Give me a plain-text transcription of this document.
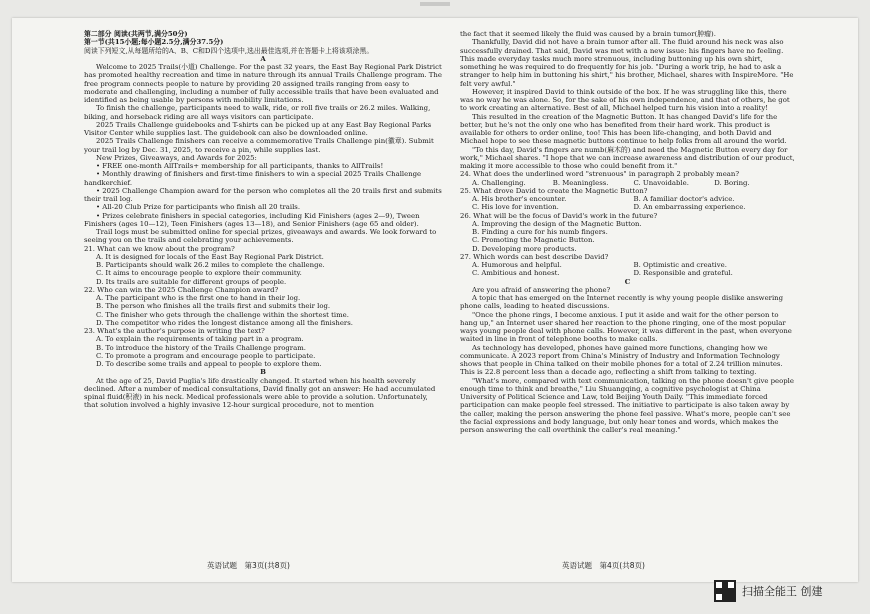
第二部分 阅读(共两节,满分50分)

第一节(共15小题;每小题2.5分,满分37.5分)

阅读下列短文,从每题所给的A、B、C和D四个选项中,选出最佳选项,并在答题卡上将该项涂黑。

A

Welcome to 2025 Trails(小道) Challenge. For the past 32 years, the East Bay Regional Park District has promoted healthy recreation and time in nature through its annual Trails Challenge program. The free program connects people to nature by providing 20 assigned trails ranging from easy to moderate and challenging, including a number of fully accessible trails that have been evaluated and identified as being usable by persons with mobility limitations.

To finish the challenge, participants need to walk, ride, or roll five trails or 26.2 miles. Walking, biking, and horseback riding are all ways visitors can participate.

2025 Trails Challenge guidebooks and T-shirts can be picked up at any East Bay Regional Parks Visitor Center while supplies last. The guidebook can also be downloaded online.

2025 Trails Challenge finishers can receive a commemorative Trails Challenge pin(徽章). Submit your trail log by Dec. 31, 2025, to receive a pin, while supplies last.

New Prizes, Giveaways, and Awards for 2025:

• FREE one-month AllTrails+ membership for all participants, thanks to AllTrails!

• Monthly drawing of finishers and first-time finishers to win a special 2025 Trails Challenge handkerchief.

• 2025 Challenge Champion award for the person who completes all the 20 trails first and submits their trail log.

• All-20 Club Prize for participants who finish all 20 trails.

• Prizes celebrate finishers in special categories, including Kid Finishers (ages 2—9), Tween Finishers (ages 10—12), Teen Finishers (ages 13—18), and Senior Finishers (age 65 and older).

Trail logs must be submitted online for special prizes, giveaways and awards. We look forward to seeing you on the trails and celebrating your achievements.

21. What can we know about the program?

A. It is designed for locals of the East Bay Regional Park District.

B. Participants should walk 26.2 miles to complete the challenge.

C. It aims to encourage people to explore their community.

D. Its trails are suitable for different groups of people.

22. Who can win the 2025 Challenge Champion award?

A. The participant who is the first one to hand in their log.

B. The person who finishes all the trails first and submits their log.

C. The finisher who gets through the challenge within the shortest time.

D. The competitor who rides the longest distance among all the finishers.

23. What's the author's purpose in writing the text?

A. To explain the requirements of taking part in a program.

B. To introduce the history of the Trails Challenge program.

C. To promote a program and encourage people to participate.

D. To describe some trails and appeal to people to explore them.

B

At the age of 25, David Puglia's life drastically changed. It started when his health severely declined. After a number of medical consultations, David finally got an answer: He had accumulated spinal fluid(积液) in his neck. Medical professionals were able to provide a solution. Unfortunately, that solution involved a highly invasive 12-hour surgical procedure, not to mention

the fact that it seemed likely the fluid was caused by a brain tumor(肿瘤).

Thankfully, David did not have a brain tumor after all. The fluid around his neck was also successfully drained. That said, David was met with a new issue: his fingers have no feeling. This made everyday tasks much more strenuous, including buttoning up his own shirt, something he was required to do frequently for his job. "During a work trip, he had to ask a stranger to help him in buttoning his shirt," his brother, Michael, shares with InspireMore. "He felt very awful."

However, it inspired David to think outside of the box. If he was struggling like this, there was no way he was alone. So, for the sake of his own independence, and that of others, he got to work creating an alternative. Best of all, Michael helped turn his vision into a reality!

This resulted in the creation of the Magnetic Button. It has changed David's life for the better, but he's not the only one who has benefited from their hard work. This product is available for others to order online, too! This has been life-changing, and both David and Michael hope to see these magnetic buttons continue to help folks from all around the world.

"To this day, David's fingers are numb(麻木的) and need the Magnetic Button every day for work," Michael shares. "I hope that we can increase awareness and distribution of our product, making it more accessible to those who could benefit from it."

24. What does the underlined word "strenuous" in paragraph 2 probably mean?

A. Challenging.	B. Meaningless.	C. Unavoidable.	D. Boring.

25. What drove David to create the Magnetic Button?

A. His brother's encounter.	B. A familiar doctor's advice.
C. His love for invention.	D. An embarrassing experience.

26. What will be the focus of David's work in the future?

A. Improving the design of the Magnetic Button.

B. Finding a cure for his numb fingers.

C. Promoting the Magnetic Button.

D. Developing more products.

27. Which words can best describe David?

A. Humorous and helpful.	B. Optimistic and creative.
C. Ambitious and honest.	D. Responsible and grateful.

C

Are you afraid of answering the phone?

A topic that has emerged on the Internet recently is why young people dislike answering phone calls, leading to heated discussions.

"Once the phone rings, I become anxious. I put it aside and wait for the other person to hang up," an Internet user shared her reaction to the phone ringing, one of the most popular ways young people deal with phone calls. However, it was different in the past, when everyone waited in line in front of telephone booths to make calls.

As technology has developed, phones have gained more functions, changing how we communicate. A 2023 report from China's Ministry of Industry and Information Technology shows that people in China talked on their mobile phones for a total of 2.24 trillion minutes. This is 22.8 percent less than a decade ago, reflecting a shift from talking to texting.

"What's more, compared with text communication, talking on the phone doesn't give people enough time to think and breathe," Liu Shuangqing, a cognitive psychologist at China University of Political Science and Law, told Beijing Youth Daily. "This immediate forced participation can make people feel stressed. The initiative to participate is also taken away by the caller, making the person answering the phone feel passive. What's more, people can't see the facial expressions and body language, but only hear tones and words, which makes the person answering the call overthink the caller's real meaning."

英语试题　第3页(共8页)	英语试题　第4页(共8页)
扫描全能王 创建
